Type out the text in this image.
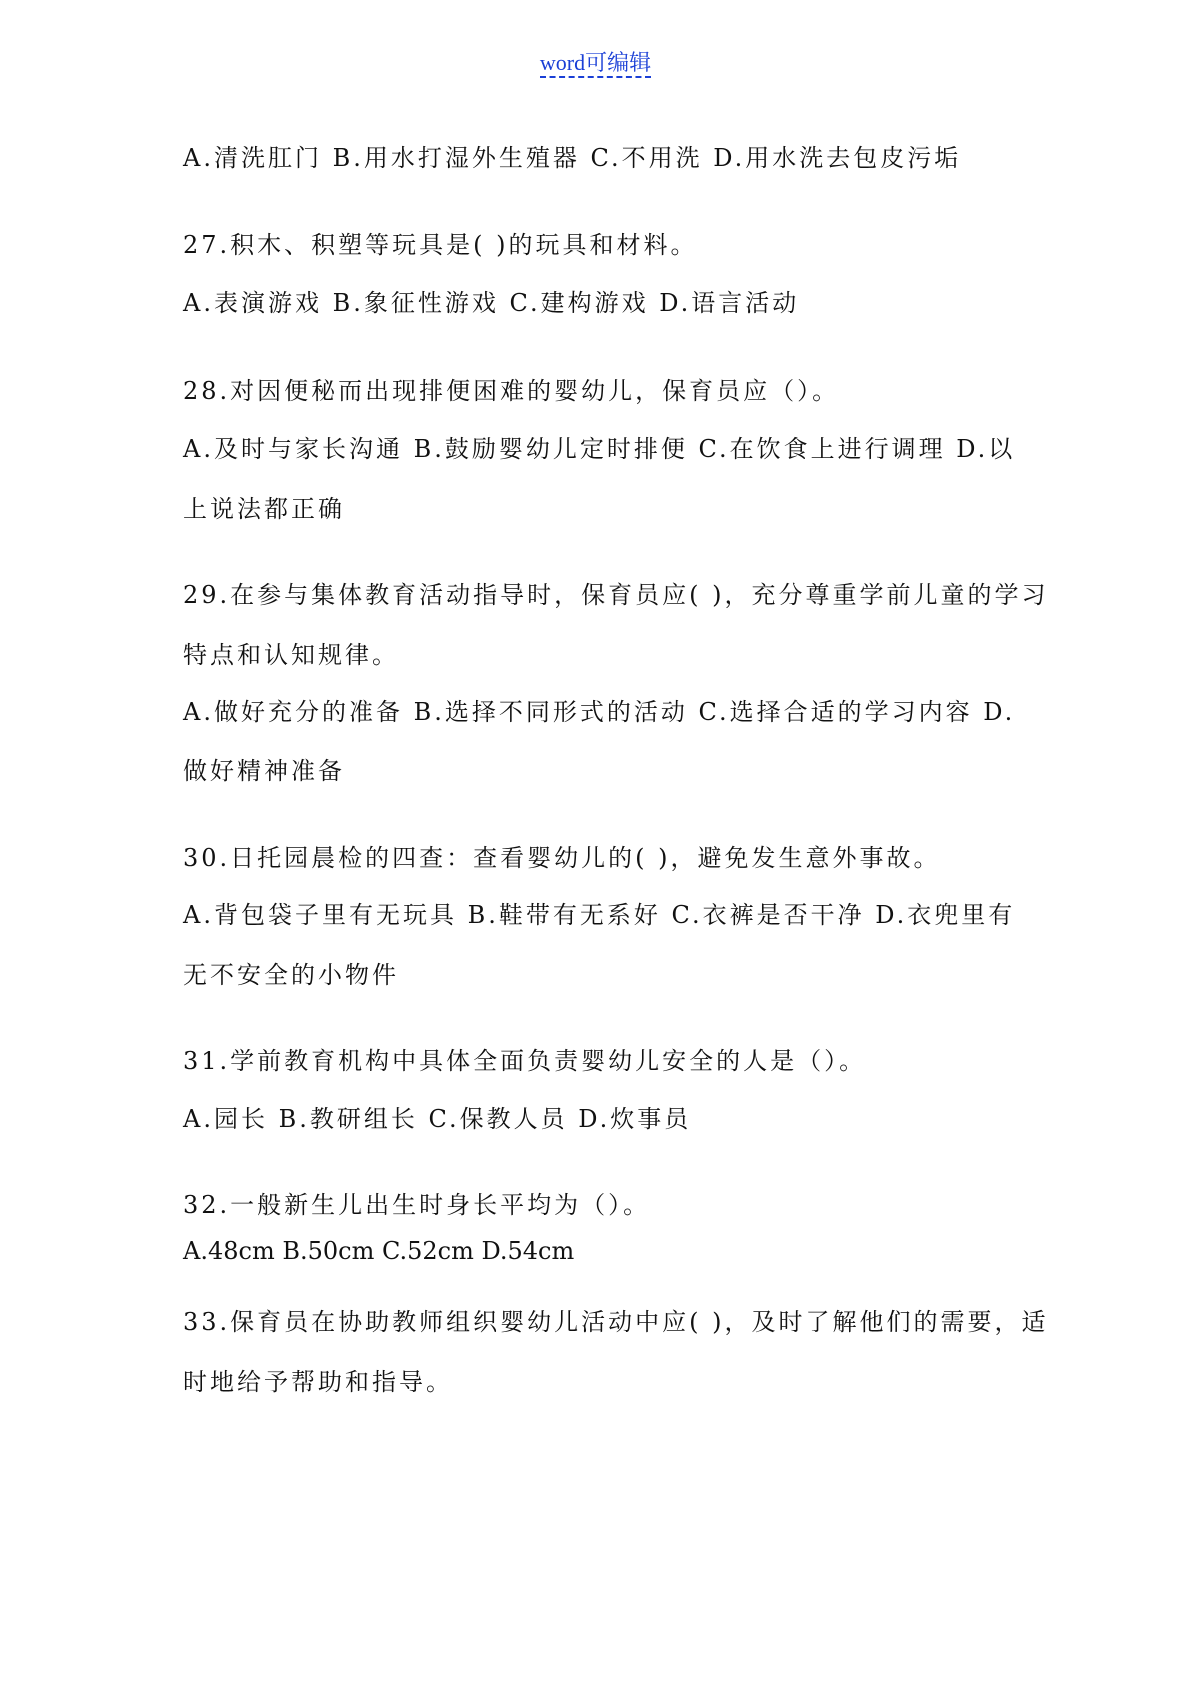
word可编辑
A.清洗肛门 B.用水打湿外生殖器 C.不用洗 D.用水洗去包皮污垢
27.积木、积塑等玩具是( )的玩具和材料。
A.表演游戏 B.象征性游戏 C.建构游戏 D.语言活动
28.对因便秘而出现排便困难的婴幼儿，保育员应（）。
A.及时与家长沟通 B.鼓励婴幼儿定时排便 C.在饮食上进行调理 D.以
上说法都正确
29.在参与集体教育活动指导时，保育员应( )，充分尊重学前儿童的学习
特点和认知规律。
A.做好充分的准备 B.选择不同形式的活动 C.选择合适的学习内容 D.
做好精神准备
30.日托园晨检的四查：查看婴幼儿的( )，避免发生意外事故。
A.背包袋子里有无玩具 B.鞋带有无系好 C.衣裤是否干净 D.衣兜里有
无不安全的小物件
31.学前教育机构中具体全面负责婴幼儿安全的人是（）。
A.园长 B.教研组长 C.保教人员 D.炊事员
32.一般新生儿出生时身长平均为（）。
A.48cm B.50cm C.52cm D.54cm
33.保育员在协助教师组织婴幼儿活动中应( )，及时了解他们的需要，适
时地给予帮助和指导。
